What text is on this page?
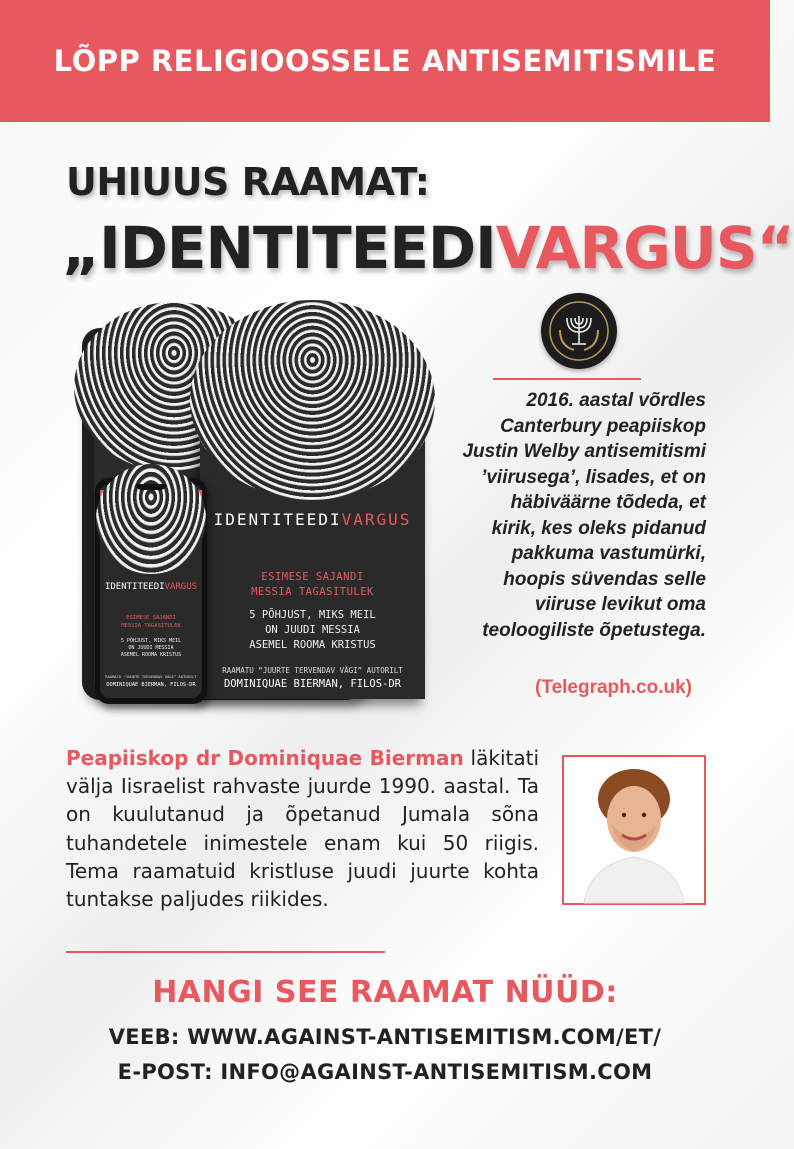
LÕPP RELIGIOOSSELE ANTISEMITISMILE
UHIUUS RAAMAT:
„IDENTITEEDIVARGUS“
IDENTITEEDIVARGUS
ESIMESE SAJANDI
MESSIA TAGASITULEK
5 PÕHJUST, MIKS MEIL
ON JUUDI MESSIA
ASEMEL ROOMA KRISTUS
RAAMATU “JUURTE TERVENDAV VÄGI” AUTORILT
DOMINIQUAE BIERMAN, FILOS-DR
IDENTITEEDIVARGUS
ESIMESE SAJANDI
MESSIA TAGASITULEK
5 PÕHJUST, MIKS MEIL
ON JUUDI MESSIA
ASEMEL ROOMA KRISTUS
RAAMATU “JUURTE TERVENDAV VÄGI” AUTORILT
DOMINIQUAE BIERMAN, FILOS-DR
2016. aastal võrdles
Canterbury peapiiskop
Justin Welby antisemitismi
’viirusega’, lisades, et on
häbiväärne tõdeda, et
kirik, kes oleks pidanud
pakkuma vastumürki,
hoopis süvendas selle
viiruse levikut oma
teoloogiliste õpetustega.
(Telegraph.co.uk)
Peapiiskop dr Dominiquae Bierman läkitati välja Iisraelist rahvaste juurde 1990. aastal. Ta on kuulutanud ja õpetanud Jumala sõna tuhandetele inimestele enam kui 50 riigis. Tema raamatuid kristluse juudi juurte kohta tuntakse paljudes riikides.
HANGI SEE RAAMAT NÜÜD:
VEEB: WWW.AGAINST-ANTISEMITISM.COM/ET/
E-POST: INFO@AGAINST-ANTISEMITISM.COM
